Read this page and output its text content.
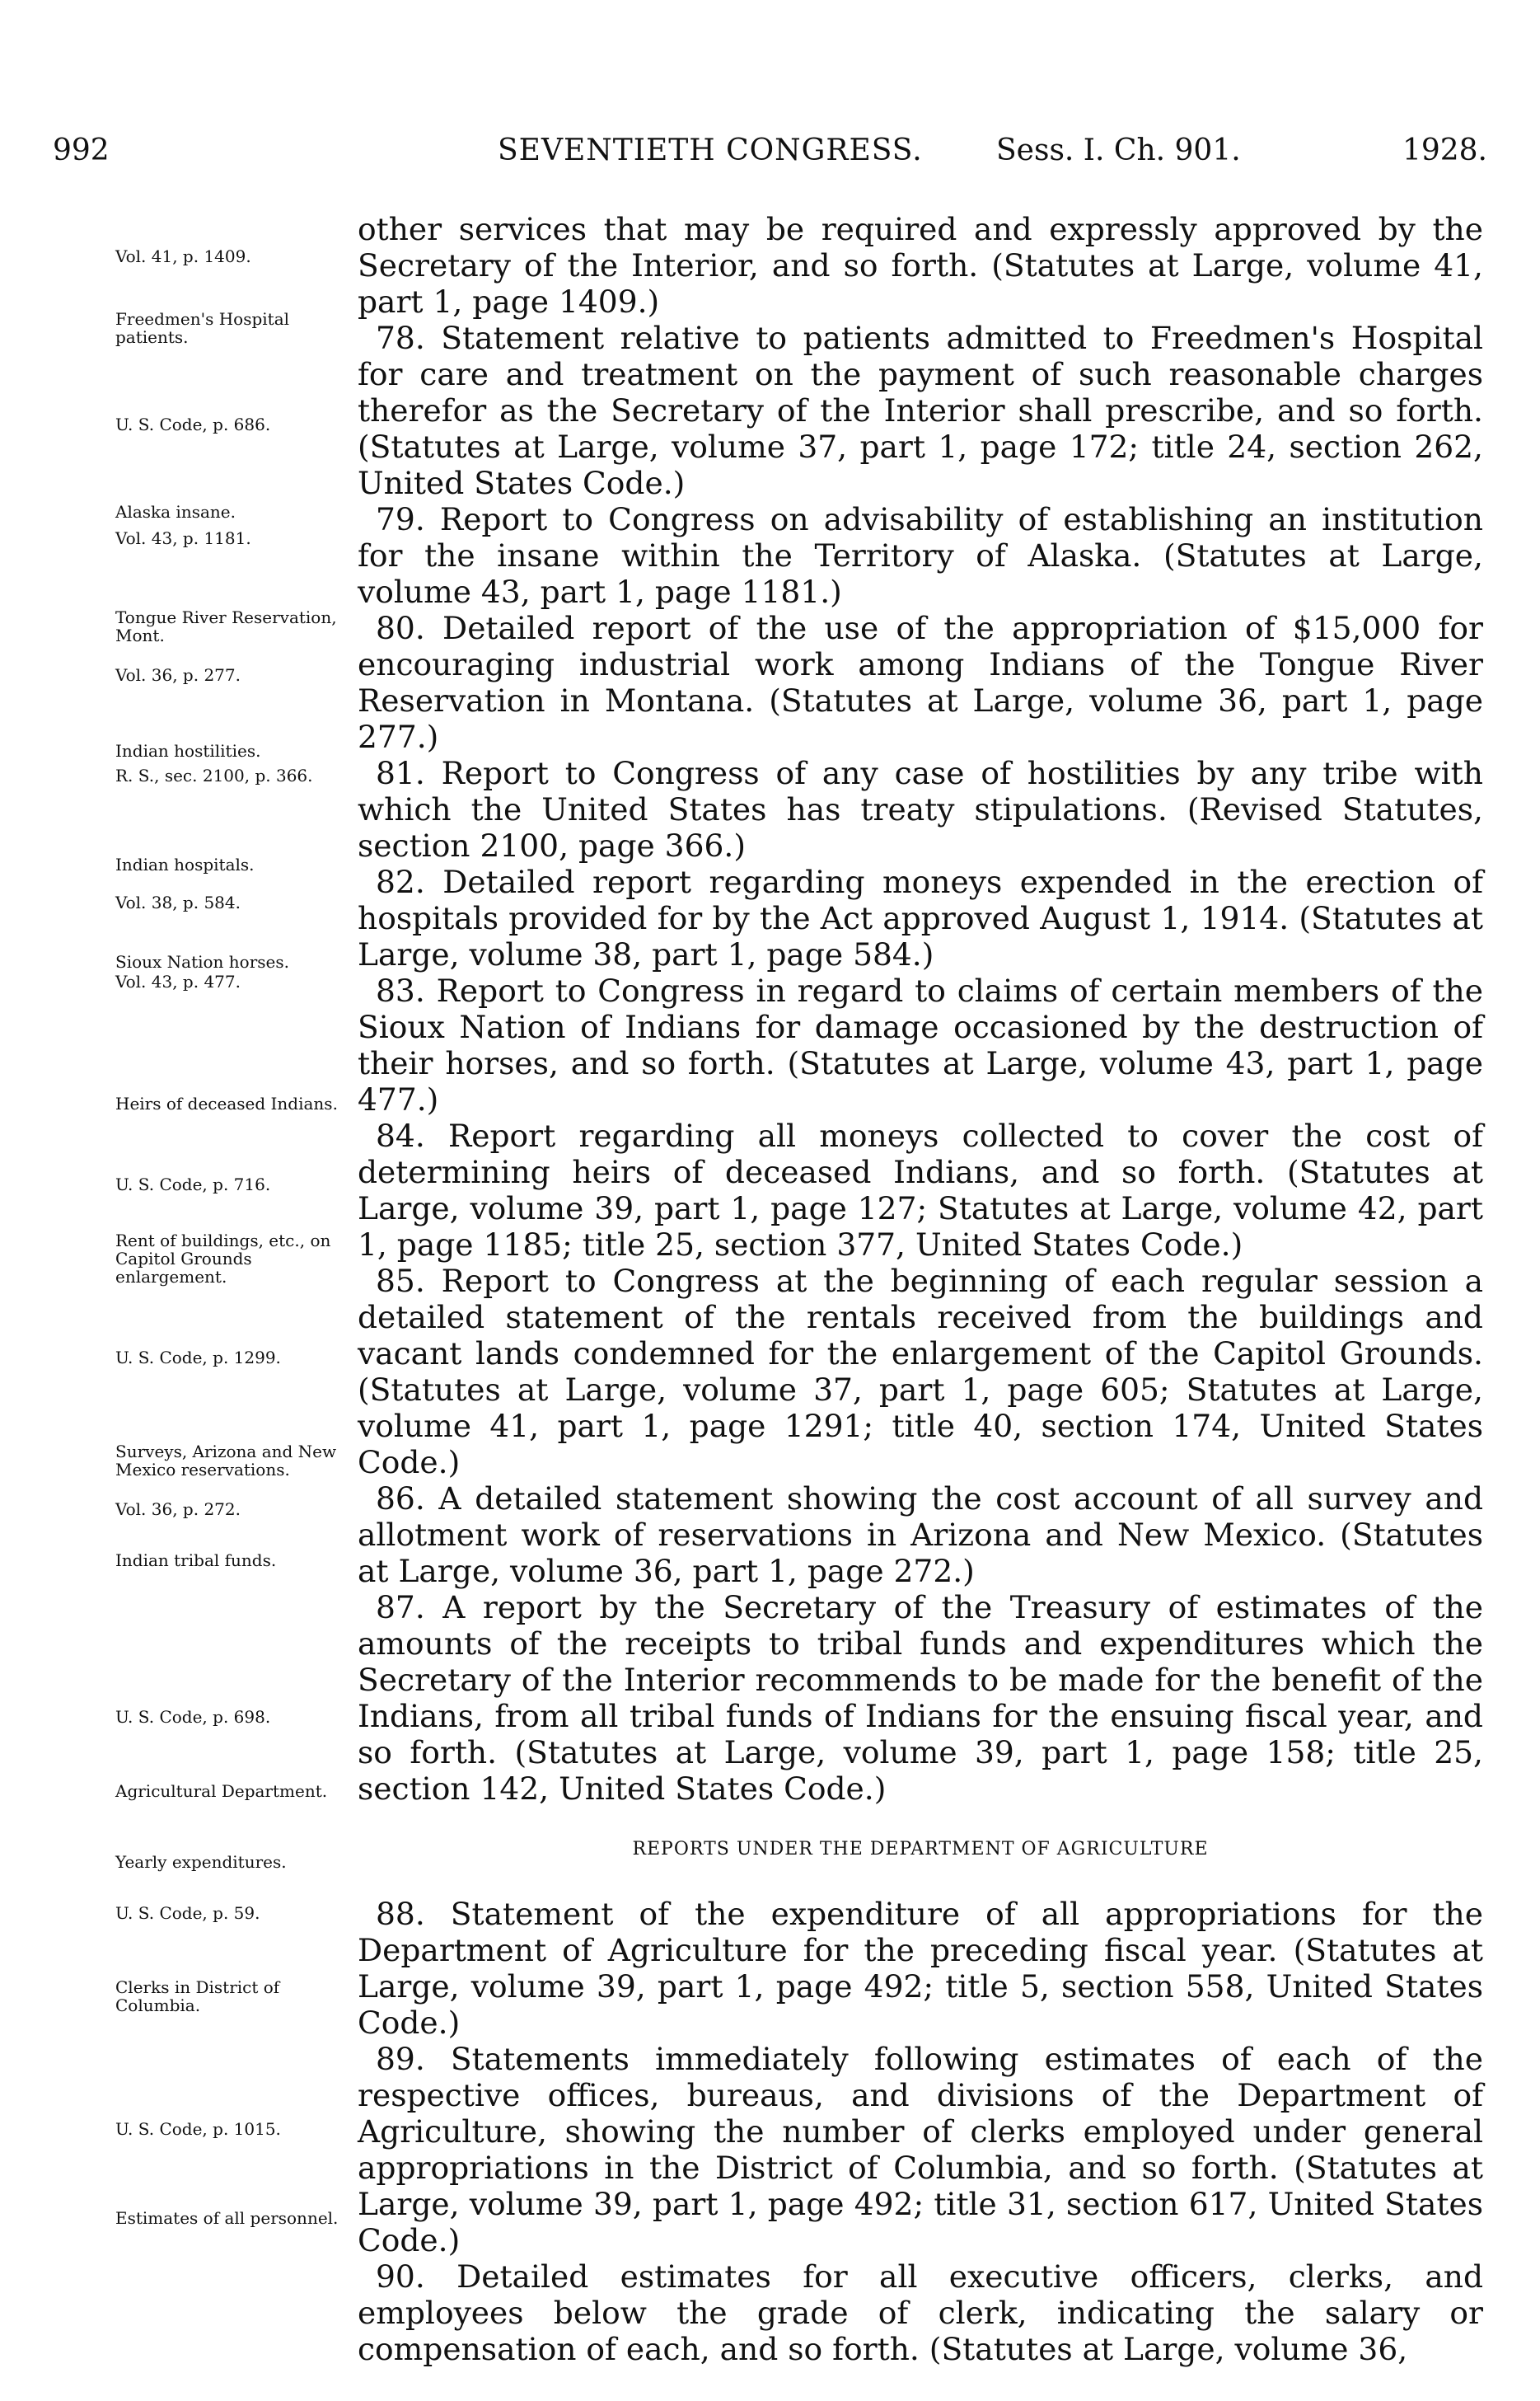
992	SEVENTIETH CONGRESS. Sess. I. Ch. 901.	1928.
Vol. 41, p. 1409.
Freedmen's Hospital patients.
U. S. Code, p. 686.
Alaska insane.
Vol. 43, p. 1181.
Tongue River Reservation, Mont.
Vol. 36, p. 277.
Indian hostilities.
R. S., sec. 2100, p. 366.
Indian hospitals.
Vol. 38, p. 584.
Sioux Nation horses.
Vol. 43, p. 477.
Heirs of deceased Indians.
U. S. Code, p. 716.
Rent of buildings, etc., on Capitol Grounds enlargement.
U. S. Code, p. 1299.
Surveys, Arizona and New Mexico reservations.
Vol. 36, p. 272.
Indian tribal funds.
U. S. Code, p. 698.
Agricultural Department.
Yearly expenditures.
U. S. Code, p. 59.
Clerks in District of Columbia.
U. S. Code, p. 1015.
Estimates of all personnel.

other services that may be required and expressly approved by the Secretary of the Interior, and so forth. (Statutes at Large, volume 41, part 1, page 1409.)

78. Statement relative to patients admitted to Freedmen's Hospital for care and treatment on the payment of such reasonable charges therefor as the Secretary of the Interior shall prescribe, and so forth. (Statutes at Large, volume 37, part 1, page 172; title 24, section 262, United States Code.)

79. Report to Congress on advisability of establishing an institution for the insane within the Territory of Alaska. (Statutes at Large, volume 43, part 1, page 1181.)

80. Detailed report of the use of the appropriation of $15,000 for encouraging industrial work among Indians of the Tongue River Reservation in Montana. (Statutes at Large, volume 36, part 1, page 277.)

81. Report to Congress of any case of hostilities by any tribe with which the United States has treaty stipulations. (Revised Statutes, section 2100, page 366.)

82. Detailed report regarding moneys expended in the erection of hospitals provided for by the Act approved August 1, 1914. (Statutes at Large, volume 38, part 1, page 584.)

83. Report to Congress in regard to claims of certain members of the Sioux Nation of Indians for damage occasioned by the destruction of their horses, and so forth. (Statutes at Large, volume 43, part 1, page 477.)

84. Report regarding all moneys collected to cover the cost of determining heirs of deceased Indians, and so forth. (Statutes at Large, volume 39, part 1, page 127; Statutes at Large, volume 42, part 1, page 1185; title 25, section 377, United States Code.)

85. Report to Congress at the beginning of each regular session a detailed statement of the rentals received from the buildings and vacant lands condemned for the enlargement of the Capitol Grounds. (Statutes at Large, volume 37, part 1, page 605; Statutes at Large, volume 41, part 1, page 1291; title 40, section 174, United States Code.)

86. A detailed statement showing the cost account of all survey and allotment work of reservations in Arizona and New Mexico. (Statutes at Large, volume 36, part 1, page 272.)

87. A report by the Secretary of the Treasury of estimates of the amounts of the receipts to tribal funds and expenditures which the Secretary of the Interior recommends to be made for the benefit of the Indians, from all tribal funds of Indians for the ensuing fiscal year, and so forth. (Statutes at Large, volume 39, part 1, page 158; title 25, section 142, United States Code.)

REPORTS UNDER THE DEPARTMENT OF AGRICULTURE

88. Statement of the expenditure of all appropriations for the Department of Agriculture for the preceding fiscal year. (Statutes at Large, volume 39, part 1, page 492; title 5, section 558, United States Code.)

89. Statements immediately following estimates of each of the respective offices, bureaus, and divisions of the Department of Agriculture, showing the number of clerks employed under general appropriations in the District of Columbia, and so forth. (Statutes at Large, volume 39, part 1, page 492; title 31, section 617, United States Code.)

90. Detailed estimates for all executive officers, clerks, and employees below the grade of clerk, indicating the salary or compensation of each, and so forth. (Statutes at Large, volume 36,
